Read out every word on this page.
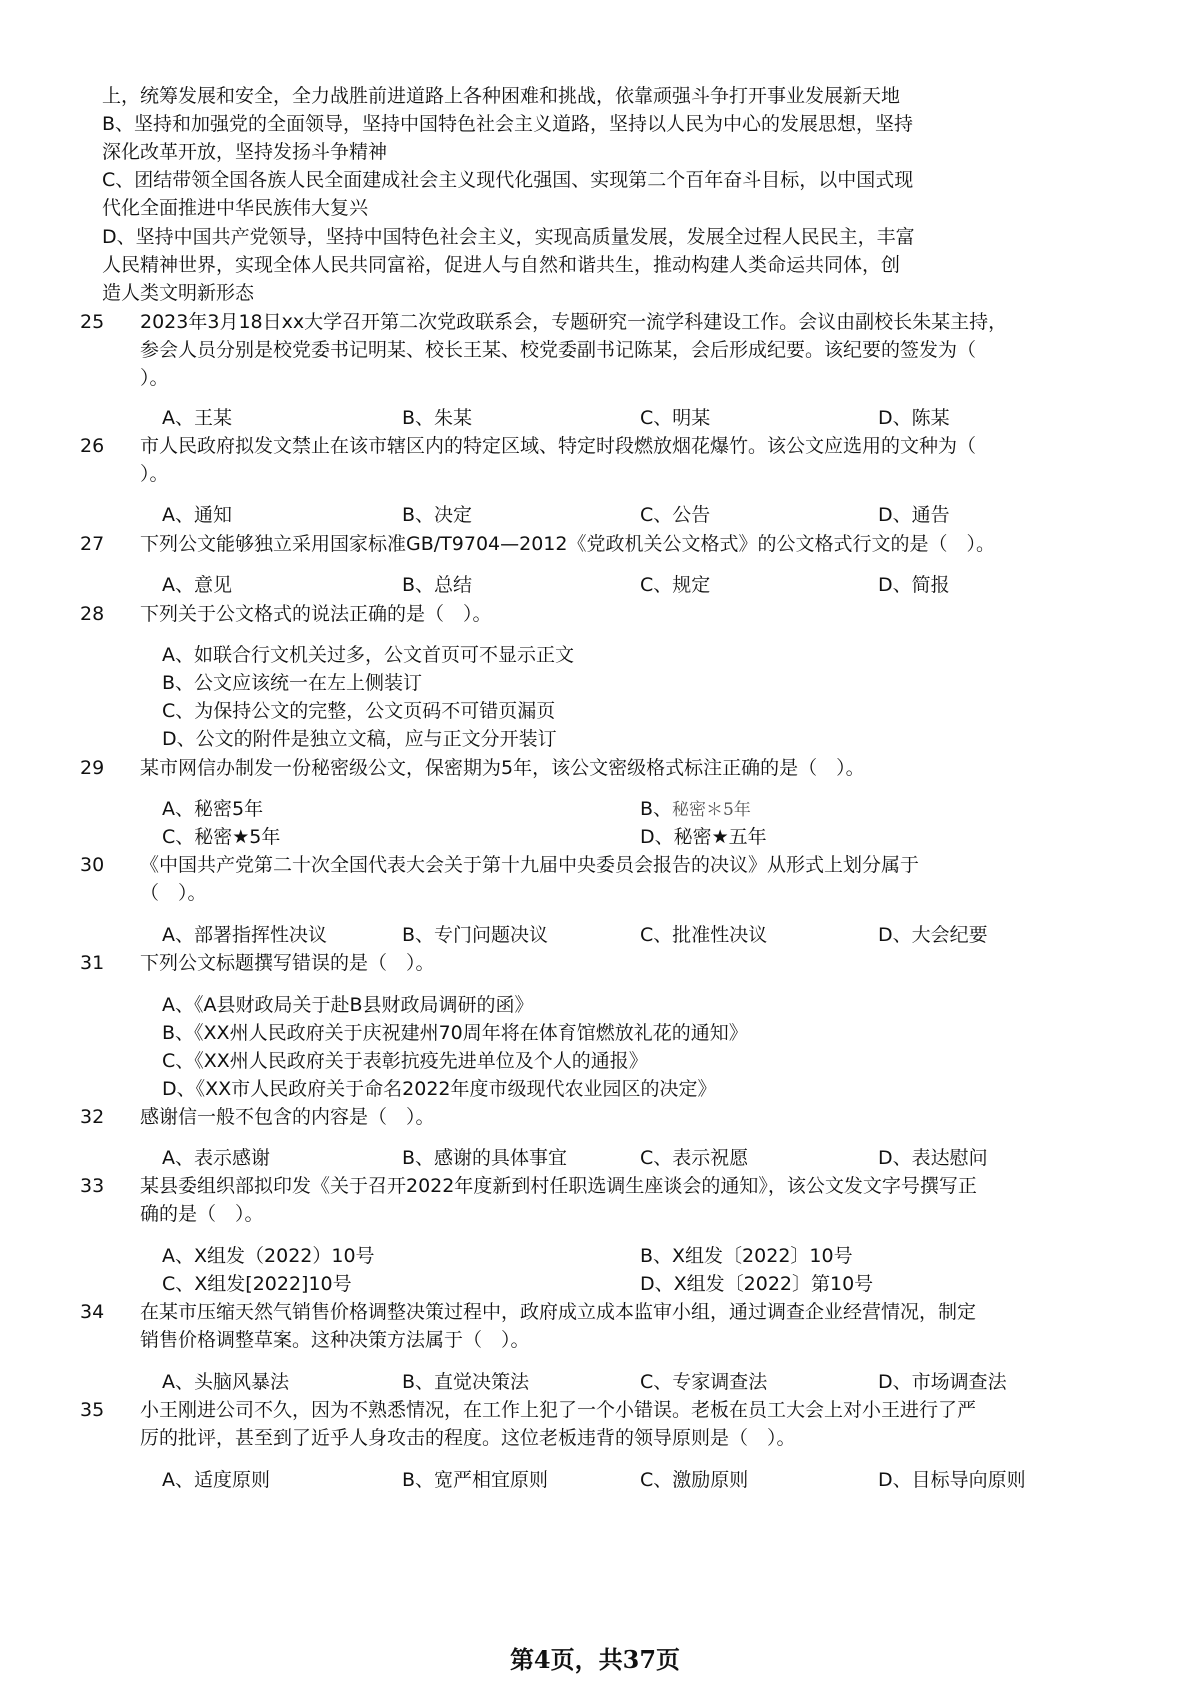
上，统筹发展和安全，全力战胜前进道路上各种困难和挑战，依靠顽强斗争打开事业发展新天地
B、坚持和加强党的全面领导，坚持中国特色社会主义道路，坚持以人民为中心的发展思想，坚持
深化改革开放，坚持发扬斗争精神
C、团结带领全国各族人民全面建成社会主义现代化强国、实现第二个百年奋斗目标，以中国式现
代化全面推进中华民族伟大复兴
D、坚持中国共产党领导，坚持中国特色社会主义，实现高质量发展，发展全过程人民民主，丰富
人民精神世界，实现全体人民共同富裕，促进人与自然和谐共生，推动构建人类命运共同体，创
造人类文明新形态
25 2023年3月18日xx大学召开第二次党政联系会，专题研究一流学科建设工作。会议由副校长朱某主持，
参会人员分别是校党委书记明某、校长王某、校党委副书记陈某，会后形成纪要。该纪要的签发为（
）。
A、王某	B、朱某	C、明某	D、陈某
26 市人民政府拟发文禁止在该市辖区内的特定区域、特定时段燃放烟花爆竹。该公文应选用的文种为（
）。
A、通知	B、决定	C、公告	D、通告
27 下列公文能够独立采用国家标准GB/T9704—2012《党政机关公文格式》的公文格式行文的是（　）。
A、意见	B、总结	C、规定	D、简报
28 下列关于公文格式的说法正确的是（　）。
A、如联合行文机关过多，公文首页可不显示正文
B、公文应该统一在左上侧装订
C、为保持公文的完整，公文页码不可错页漏页
D、公文的附件是独立文稿，应与正文分开装订
29 某市网信办制发一份秘密级公文，保密期为5年，该公文密级格式标注正确的是（　）。
A、秘密5年	B、秘密＊5年
C、秘密★5年	D、秘密★五年
30 《中国共产党第二十次全国代表大会关于第十九届中央委员会报告的决议》从形式上划分属于
（　）。
A、部署指挥性决议	B、专门问题决议	C、批准性决议	D、大会纪要
31 下列公文标题撰写错误的是（　）。
A、《A县财政局关于赴B县财政局调研的函》
B、《XX州人民政府关于庆祝建州70周年将在体育馆燃放礼花的通知》
C、《XX州人民政府关于表彰抗疫先进单位及个人的通报》
D、《XX市人民政府关于命名2022年度市级现代农业园区的决定》
32 感谢信一般不包含的内容是（　）。
A、表示感谢	B、感谢的具体事宜	C、表示祝愿	D、表达慰问
33 某县委组织部拟印发《关于召开2022年度新到村任职选调生座谈会的通知》，该公文发文字号撰写正
确的是（　）。
A、X组发（2022）10号	B、X组发〔2022〕10号
C、X组发[2022]10号	D、X组发〔2022〕第10号
34 在某市压缩天然气销售价格调整决策过程中，政府成立成本监审小组，通过调查企业经营情况，制定
销售价格调整草案。这种决策方法属于（　）。
A、头脑风暴法	B、直觉决策法	C、专家调查法	D、市场调查法
35 小王刚进公司不久，因为不熟悉情况，在工作上犯了一个小错误。老板在员工大会上对小王进行了严
厉的批评，甚至到了近乎人身攻击的程度。这位老板违背的领导原则是（　）。
A、适度原则	B、宽严相宜原则	C、激励原则	D、目标导向原则
第4页，共37页
